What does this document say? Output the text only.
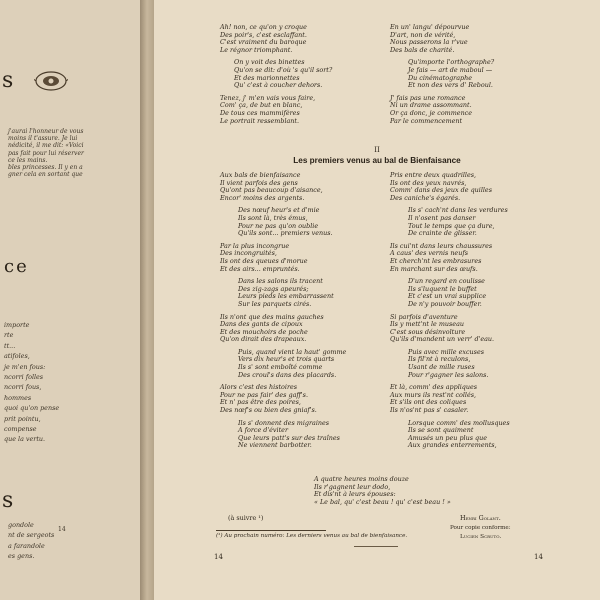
s
j'aurai l'honneur de vous
moins il t'assure. Je lui
nédicité, il me dit: «Voici
pas fait pour lui réserver
ce les mains.
bles princesses. Il y en a
gner cela en sortant que
ce
importe
rte
tt...
atifoles,
je m'en fous:
ncorri folles
ncorri fous,
hommes
quoi qu'on pense
prit pointu,
compense
que la vertu.
s
gondole
nt de sergeots
a farandole
es gens.
14
Ah! non, ce qu'on y croque
Des poir's, c'est esclaffant.
C'est vraiment du baroque
Le régnor triomphant.
On y voit des binettes
Qu'on se dit: d'où 's qu'il sort?
Et des marionnettes
Qu' c'est à coucher dehors.
Tenez, j' m'en vais vous faire,
Com' ça, de but en blanc,
De tous ces mammifères
Le portrait ressemblant.
En un' langu' dépourvue
D'art, non de vérité,
Nous passerons la r'vue
Des bals de charité.
Qu'importe l'orthographe?
Je fais — art de maboul —
Du cinématographe
Et non des vers d' Reboul.
J' fais pas une romance
Ni un drame assommant.
Or ça donc, je commence
Par le commencement
II
Les premiers venus au bal de Bienfaisance
Aux bals de bienfaisance
Il vient parfois des gens
Qu'ont pas beaucoup d'aisance,
Encor' moins des argents.
Des nœuf heur's et d'mie
Ils sont là, très émus,
Pour ne pas qu'on oublie
Qu'ils sont... premiers venus.
Par la plus incongrue
Des incongruités,
Ils ont des queues d'morue
Et des airs... empruntés.
Dans les salons ils tracent
Des zig-zags apeurés;
Leurs pieds les embarrassent
Sur les parquets cirés.
Ils n'ont que des mains gauches
Dans des gants de cipoux
Et des mouchoirs de poche
Qu'on dirait des drapeaux.
Puis, quand vient la haut' gomme
Vers dix heur's et trois quarts
Ils s' sont emboîté comme
Des croul's dans des placards.
Alors c'est des histoires
Pour ne pas fair' des gaff's.
Et n' pas être des poires,
Des nœf's ou bien des gniaf's.
Ils s' donnent des migraines
A force d'éviter
Que leurs patt's sur des traînes
Ne viennent barbotter.
Pris entre deux quadrilles,
Ils ont des yeux navrés,
Comm' dans des jeux de quilles
Des caniche's égarés.
Ils s' cach'nt dans les verdures
Il n'osent pas danser
Tout le temps que ça dure,
De crainte de glisser.
Ils cui'nt dans leurs chaussures
A caus' des vernis neufs
Et cherch'nt les embrasures
En marchant sur des œufs.
D'un regard en coulisse
Ils s'luquent le buffet
Et c'est un vrai supplice
De n'y pouvoir bouffer.
Si parfois d'aventure
Ils y mett'nt le museau
C'est sous désinvolture
Qu'ils d'mandent un verr' d'eau.
Puis avec mille excuses
Ils fil'nt à reculons,
Usant de mille ruses
Pour r'gagner les salons.
Et là, comm' des appliques
Aux murs ils rest'nt collés,
Et s'ils ont des coliques
Ils n'os'nt pas s' casaler.
Lorsque comm' des mollusques
Ils se sont quaiment
Amusés un peu plus que
Aux grandes enterrements,
A quatre heures moins douze
Ils r'gagnent leur dodo,
Et dis'nt à leurs épouses:
« Le bal, qu' c'est beau ! qu' c'est beau ! »
(à suivre ¹)	Henri Golant.
Pour copie conforme:
(¹) Au prochain numéro: Les derniers venus au bal de bienfaisance.	Lucien Scruto.
14	14
